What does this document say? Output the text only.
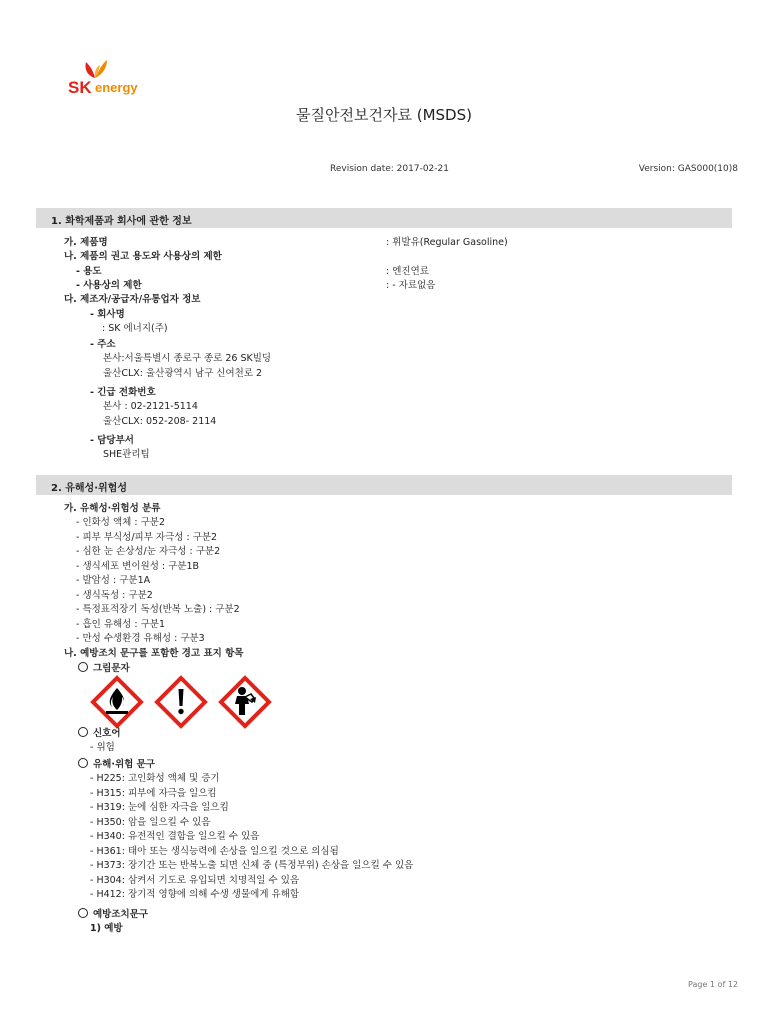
SK energy
물질안전보건자료 (MSDS)
Revision date: 2017-02-21	Version: GAS000(10)8
1. 화학제품과 회사에 관한 정보
가. 제품명	: 휘발유(Regular Gasoline)
나. 제품의 권고 용도와 사용상의 제한
- 용도	: 엔진연료
- 사용상의 제한	: - 자료없음
다. 제조자/공급자/유통업자 정보
- 회사명
: SK 에너지(주)
- 주소
본사:서울특별시 종로구 종로 26 SK빌딩
울산CLX: 울산광역시 남구 신여천로 2
- 긴급 전화번호
본사 : 02-2121-5114
울산CLX: 052-208- 2114
- 담당부서
SHE관리팀
2. 유해성·위험성
가. 유해성·위험성 분류
- 인화성 액체 : 구분2
- 피부 부식성/피부 자극성 : 구분2
- 심한 눈 손상성/눈 자극성 : 구분2
- 생식세포 변이원성 : 구분1B
- 발암성 : 구분1A
- 생식독성 : 구분2
- 특정표적장기 독성(반복 노출) : 구분2
- 흡인 유해성 : 구분1
- 만성 수생환경 유해성 : 구분3
나. 예방조치 문구를 포함한 경고 표지 항목
그림문자
신호어
- 위험
유해·위험 문구
- H225: 고인화성 액체 및 증기
- H315: 피부에 자극을 일으킴
- H319: 눈에 심한 자극을 일으킴
- H350: 암을 일으킬 수 있음
- H340: 유전적인 결함을 일으킬 수 있음
- H361: 태아 또는 생식능력에 손상을 일으킬 것으로 의심됨
- H373: 장기간 또는 반복노출 되면 신체 중 (특정부위) 손상을 일으킬 수 있음
- H304: 삼켜서 기도로 유입되면 치명적일 수 있음
- H412: 장기적 영향에 의해 수생 생물에게 유해함
예방조치문구
1) 예방
Page 1 of 12
